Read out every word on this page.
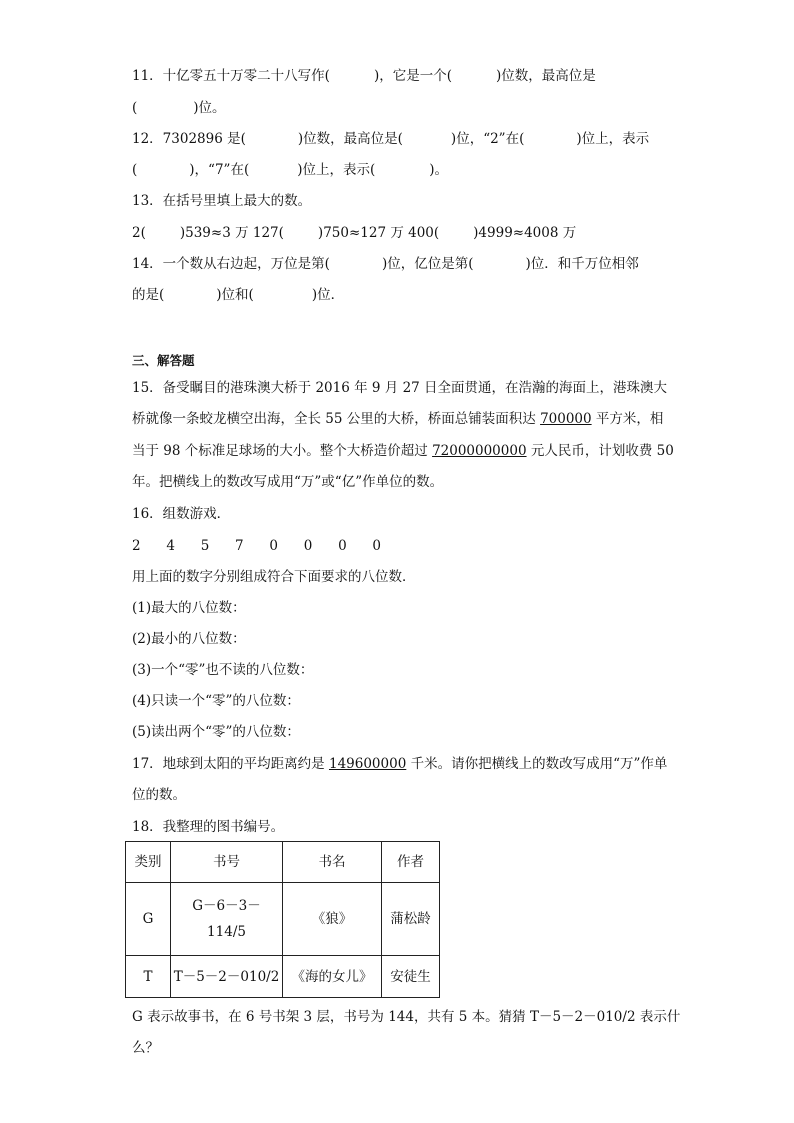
11．十亿零五十万零二十八写作(	)，它是一个(	)位数，最高位是
(	)位。
12．7302896 是(	)位数，最高位是(	)位，“2”在(	)位上，表示
(	)，“7”在(	)位上，表示(	)。
13．在括号里填上最大的数。
2(	)539≈3 万 127(	)750≈127 万 400(	)4999≈4008 万
14．一个数从右边起，万位是第(	)位，亿位是第(	)位．和千万位相邻
的是(	)位和(	)位．
三、解答题
15．备受瞩目的港珠澳大桥于 2016 年 9 月 27 日全面贯通，在浩瀚的海面上，港珠澳大
桥就像一条蛟龙横空出海，全长 55 公里的大桥，桥面总铺装面积达 700000 平方米，相
当于 98 个标准足球场的大小。整个大桥造价超过 72000000000 元人民币，计划收费 50
年。把横线上的数改写成用“万”或“亿”作单位的数。
16．组数游戏．
2 4 5 7 0 0 0 0
用上面的数字分别组成符合下面要求的八位数．
(1)最大的八位数：
(2)最小的八位数：
(3)一个“零”也不读的八位数：
(4)只读一个“零”的八位数：
(5)读出两个“零”的八位数：
17．地球到太阳的平均距离约是 149600000 千米。请你把横线上的数改写成用“万”作单
位的数。
18．我整理的图书编号。
类别	书号	书名	作者
G	G－6－3－
114/5	《狼》	蒲松龄
T	T－5－2－010/2	《海的女儿》	安徒生
G 表示故事书，在 6 号书架 3 层，书号为 144，共有 5 本。猜猜 T－5－2－010/2 表示什
么？
